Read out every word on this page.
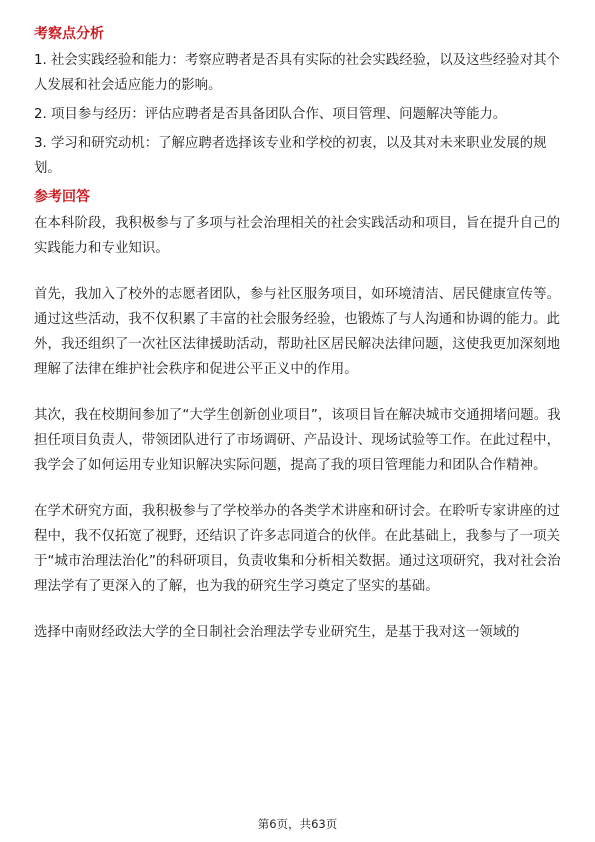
考察点分析

1. 社会实践经验和能力：考察应聘者是否具有实际的社会实践经验，以及这些经验对其个人发展和社会适应能力的影响。

2. 项目参与经历：评估应聘者是否具备团队合作、项目管理、问题解决等能力。

3. 学习和研究动机：了解应聘者选择该专业和学校的初衷，以及其对未来职业发展的规划。

参考回答

在本科阶段，我积极参与了多项与社会治理相关的社会实践活动和项目，旨在提升自己的实践能力和专业知识。

首先，我加入了校外的志愿者团队，参与社区服务项目，如环境清洁、居民健康宣传等。通过这些活动，我不仅积累了丰富的社会服务经验，也锻炼了与人沟通和协调的能力。此外，我还组织了一次社区法律援助活动，帮助社区居民解决法律问题，这使我更加深刻地理解了法律在维护社会秩序和促进公平正义中的作用。

其次，我在校期间参加了“大学生创新创业项目”，该项目旨在解决城市交通拥堵问题。我担任项目负责人，带领团队进行了市场调研、产品设计、现场试验等工作。在此过程中，我学会了如何运用专业知识解决实际问题，提高了我的项目管理能力和团队合作精神。

在学术研究方面，我积极参与了学校举办的各类学术讲座和研讨会。在聆听专家讲座的过程中，我不仅拓宽了视野，还结识了许多志同道合的伙伴。在此基础上，我参与了一项关于“城市治理法治化”的科研项目，负责收集和分析相关数据。通过这项研究，我对社会治理法学有了更深入的了解，也为我的研究生学习奠定了坚实的基础。

选择中南财经政法大学的全日制社会治理法学专业研究生，是基于我对这一领域的

第6页，共63页
